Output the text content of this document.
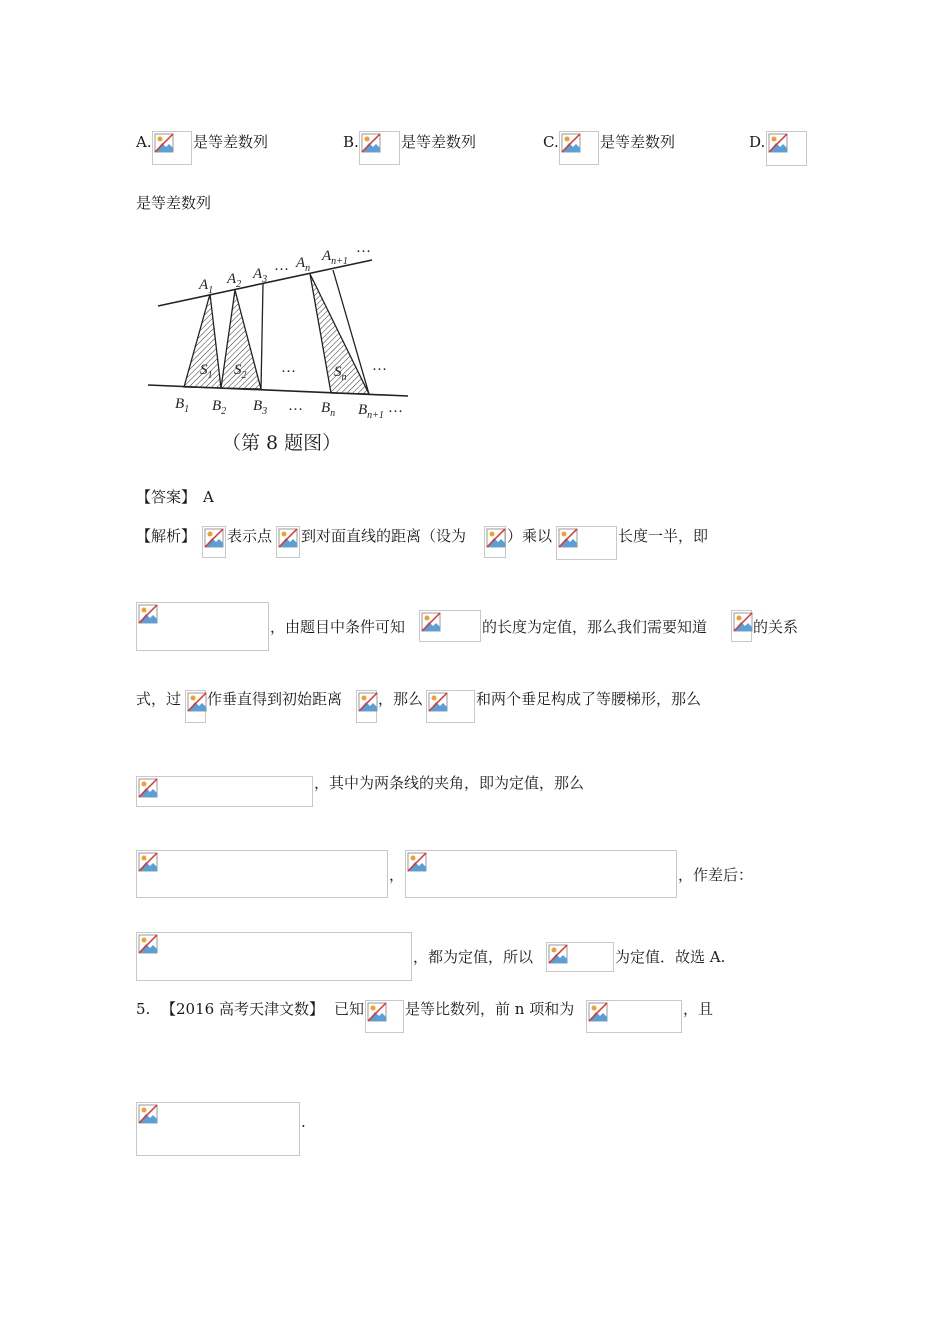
A.	是等差数列	B.	是等差数列	C.	是等差数列	D.
是等差数列
$A_1$
$A_2$
$A_3$
… $A_n$
$A_{n+1}$
…
$S_1$ $S_2$	$S_n$
…	…
$B_1$ $B_2$ $B_3$ … $B_n$ $B_{n+1}$ …
（第 8 题图）
【答案】 A
【解析】 表示点 到对面直线的距离（设为	）乘以	长度一半，即
，由题目中条件可知	的长度为定值，那么我们需要知道	的关系
式，过 作垂直得到初始距离 ，那么	和两个垂足构成了等腰梯形，那么
，其中为两条线的夹角，即为定值，那么
，	，作差后：
，都为定值，所以	为定值．故选 A.
5. 【2016 高考天津文数】 已知	是等比数列，前 n 项和为	，且
.
